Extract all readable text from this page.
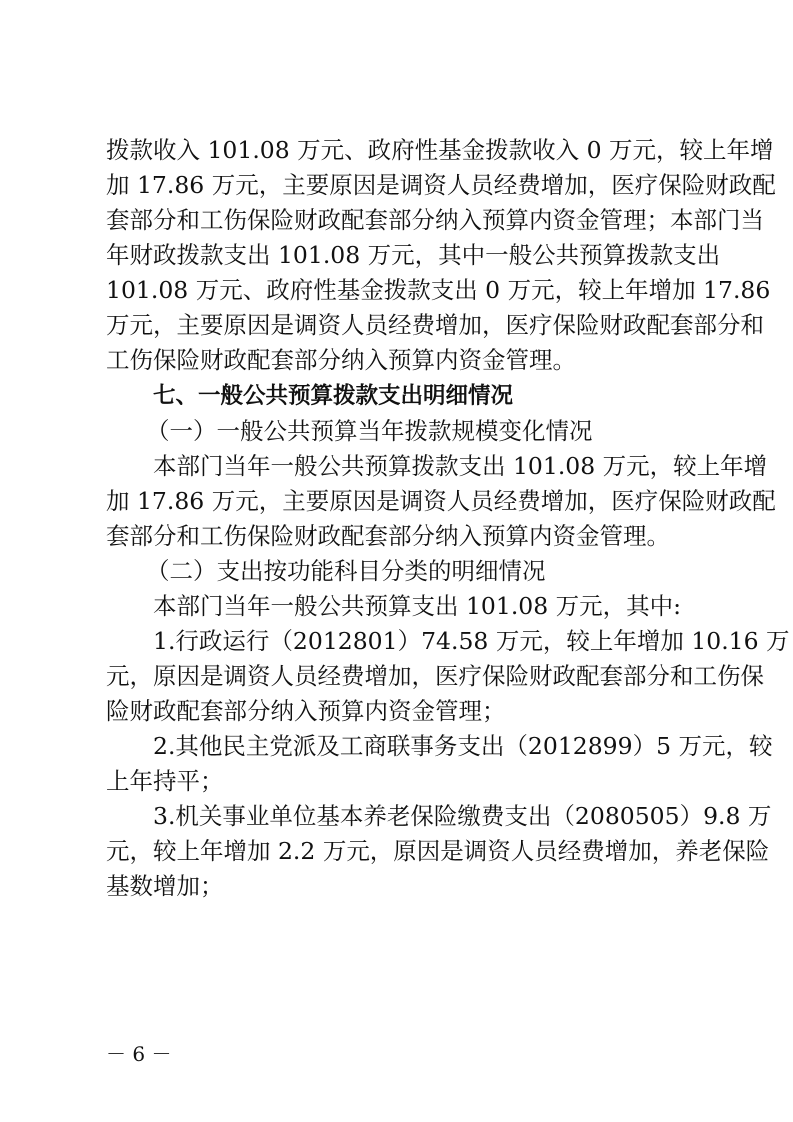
拨款收入 101.08 万元、政府性基金拨款收入 0 万元，较上年增
加 17.86 万元，主要原因是调资人员经费增加，医疗保险财政配
套部分和工伤保险财政配套部分纳入预算内资金管理；本部门当
年财政拨款支出 101.08 万元，其中一般公共预算拨款支出
101.08 万元、政府性基金拨款支出 0 万元，较上年增加 17.86
万元，主要原因是调资人员经费增加，医疗保险财政配套部分和
工伤保险财政配套部分纳入预算内资金管理。
七、一般公共预算拨款支出明细情况
（一）一般公共预算当年拨款规模变化情况
本部门当年一般公共预算拨款支出 101.08 万元，较上年增
加 17.86 万元，主要原因是调资人员经费增加，医疗保险财政配
套部分和工伤保险财政配套部分纳入预算内资金管理。
（二）支出按功能科目分类的明细情况
本部门当年一般公共预算支出 101.08 万元，其中:
1.行政运行（2012801）74.58 万元，较上年增加 10.16 万
元，原因是调资人员经费增加，医疗保险财政配套部分和工伤保
险财政配套部分纳入预算内资金管理；
2.其他民主党派及工商联事务支出（2012899）5 万元，较
上年持平；
3.机关事业单位基本养老保险缴费支出（2080505）9.8 万
元，较上年增加 2.2 万元，原因是调资人员经费增加，养老保险
基数增加；
－ 6 －
